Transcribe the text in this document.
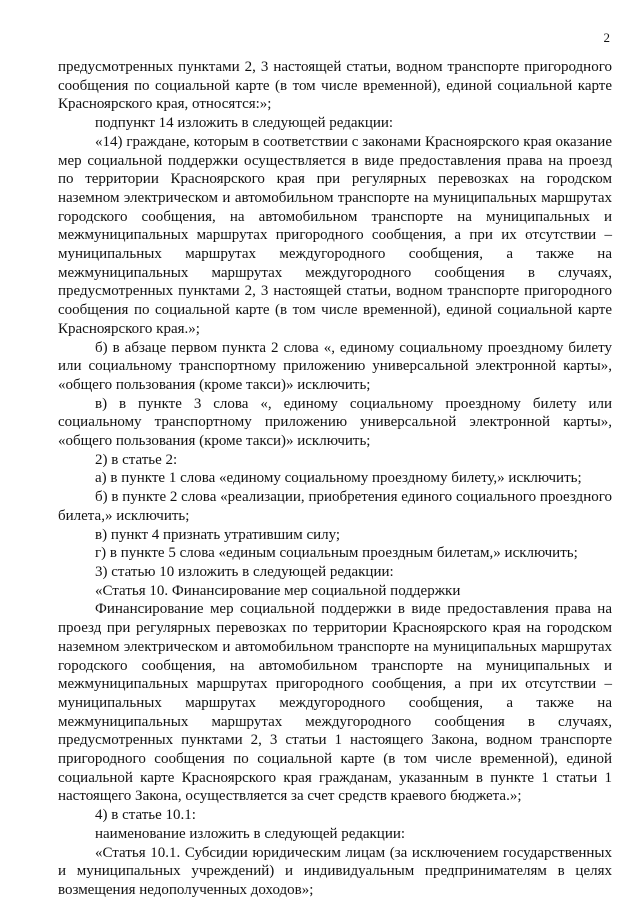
2

предусмотренных пунктами 2, 3 настоящей статьи, водном транспорте пригородного сообщения по социальной карте (в том числе временной), единой социальной карте Красноярского края, относятся:»;

подпункт 14 изложить в следующей редакции:

«14) граждане, которым в соответствии с законами Красноярского края оказание мер социальной поддержки осуществляется в виде предоставления права на проезд по территории Красноярского края при регулярных перевозках на городском наземном электрическом и автомобильном транспорте на муниципальных маршрутах городского сообщения, на автомобильном транспорте на муниципальных и межмуниципальных маршрутах пригородного сообщения, а при их отсутствии – муниципальных маршрутах междугородного сообщения, а также на межмуниципальных маршрутах междугородного сообщения в случаях, предусмотренных пунктами 2, 3 настоящей статьи, водном транспорте пригородного сообщения по социальной карте (в том числе временной), единой социальной карте Красноярского края.»;

б) в абзаце первом пункта 2 слова «, единому социальному проездному билету или социальному транспортному приложению универсальной электронной карты», «общего пользования (кроме такси)» исключить;

в) в пункте 3 слова «, единому социальному проездному билету или социальному транспортному приложению универсальной электронной карты», «общего пользования (кроме такси)» исключить;

2) в статье 2:

а) в пункте 1 слова «единому социальному проездному билету,» исключить;

б) в пункте 2 слова «реализации, приобретения единого социального проездного билета,» исключить;

в) пункт 4 признать утратившим силу;

г) в пункте 5 слова «единым социальным проездным билетам,» исключить;

3) статью 10 изложить в следующей редакции:

«Статья 10. Финансирование мер социальной поддержки

Финансирование мер социальной поддержки в виде предоставления права на проезд при регулярных перевозках по территории Красноярского края на городском наземном электрическом и автомобильном транспорте на муниципальных маршрутах городского сообщения, на автомобильном транспорте на муниципальных и межмуниципальных маршрутах пригородного сообщения, а при их отсутствии – муниципальных маршрутах междугородного сообщения, а также на межмуниципальных маршрутах междугородного сообщения в случаях, предусмотренных пунктами 2, 3 статьи 1 настоящего Закона, водном транспорте пригородного сообщения по социальной карте (в том числе временной), единой социальной карте Красноярского края гражданам, указанным в пункте 1 статьи 1 настоящего Закона, осуществляется за счет средств краевого бюджета.»;

4) в статье 10.1:

наименование изложить в следующей редакции:

«Статья 10.1. Субсидии юридическим лицам (за исключением государственных и муниципальных учреждений) и индивидуальным предпринимателям в целях возмещения недополученных доходов»;
